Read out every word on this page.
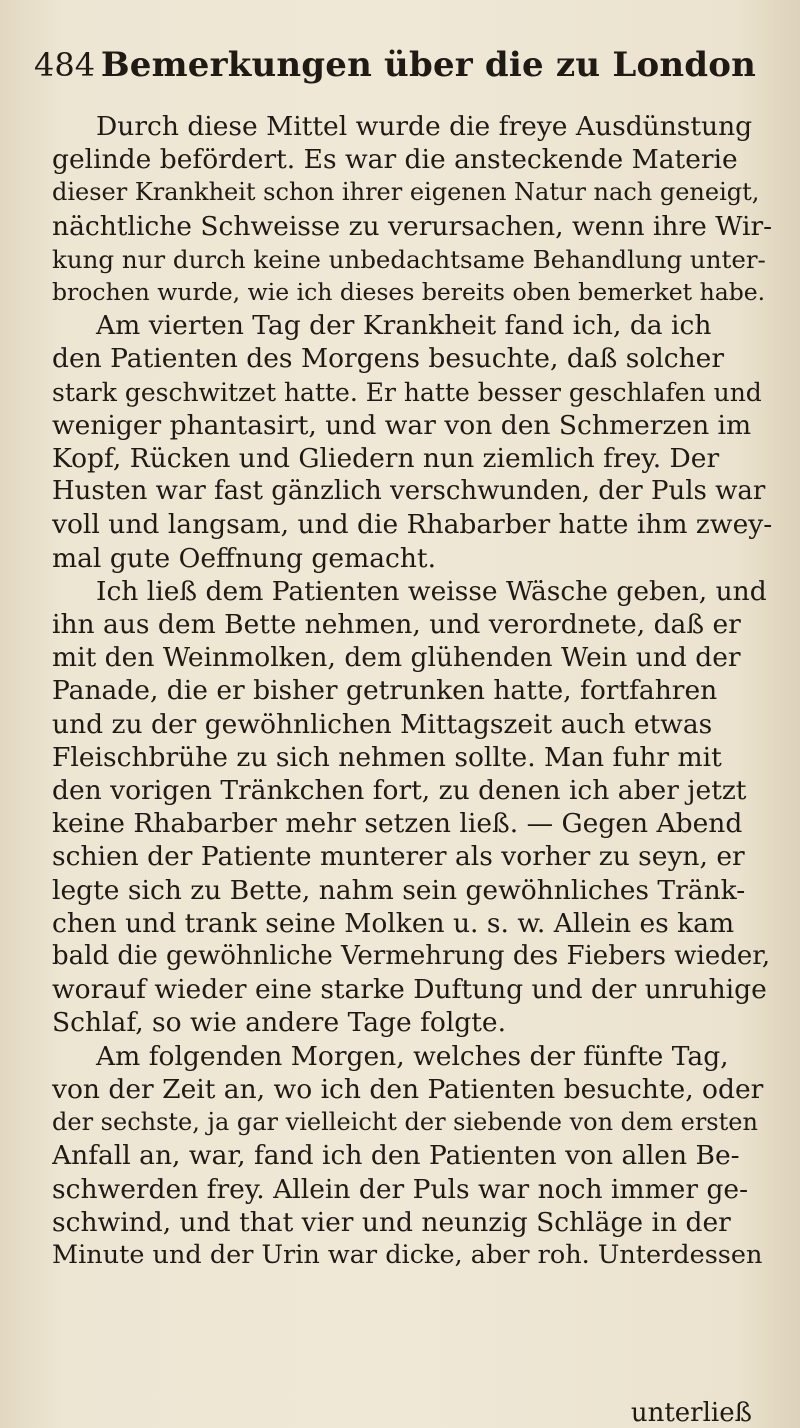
484 Bemerkungen über die zu London
Durch diese Mittel wurde die freye Ausdünstung
gelinde befördert. Es war die ansteckende Materie
dieser Krankheit schon ihrer eigenen Natur nach geneigt,
nächtliche Schweisse zu verursachen, wenn ihre Wir-
kung nur durch keine unbedachtsame Behandlung unter-
brochen wurde, wie ich dieses bereits oben bemerket habe.
Am vierten Tag der Krankheit fand ich, da ich
den Patienten des Morgens besuchte, daß solcher
stark geschwitzet hatte. Er hatte besser geschlafen und
weniger phantasirt, und war von den Schmerzen im
Kopf, Rücken und Gliedern nun ziemlich frey. Der
Husten war fast gänzlich verschwunden, der Puls war
voll und langsam, und die Rhabarber hatte ihm zwey-
mal gute Oeffnung gemacht.
Ich ließ dem Patienten weisse Wäsche geben, und
ihn aus dem Bette nehmen, und verordnete, daß er
mit den Weinmolken, dem glühenden Wein und der
Panade, die er bisher getrunken hatte, fortfahren
und zu der gewöhnlichen Mittagszeit auch etwas
Fleischbrühe zu sich nehmen sollte. Man fuhr mit
den vorigen Tränkchen fort, zu denen ich aber jetzt
keine Rhabarber mehr setzen ließ. — Gegen Abend
schien der Patiente munterer als vorher zu seyn, er
legte sich zu Bette, nahm sein gewöhnliches Tränk-
chen und trank seine Molken u. s. w. Allein es kam
bald die gewöhnliche Vermehrung des Fiebers wieder,
worauf wieder eine starke Duftung und der unruhige
Schlaf, so wie andere Tage folgte.
Am folgenden Morgen, welches der fünfte Tag,
von der Zeit an, wo ich den Patienten besuchte, oder
der sechste, ja gar vielleicht der siebende von dem ersten
Anfall an, war, fand ich den Patienten von allen Be-
schwerden frey. Allein der Puls war noch immer ge-
schwind, und that vier und neunzig Schläge in der
Minute und der Urin war dicke, aber roh. Unterdessen
unterließ
